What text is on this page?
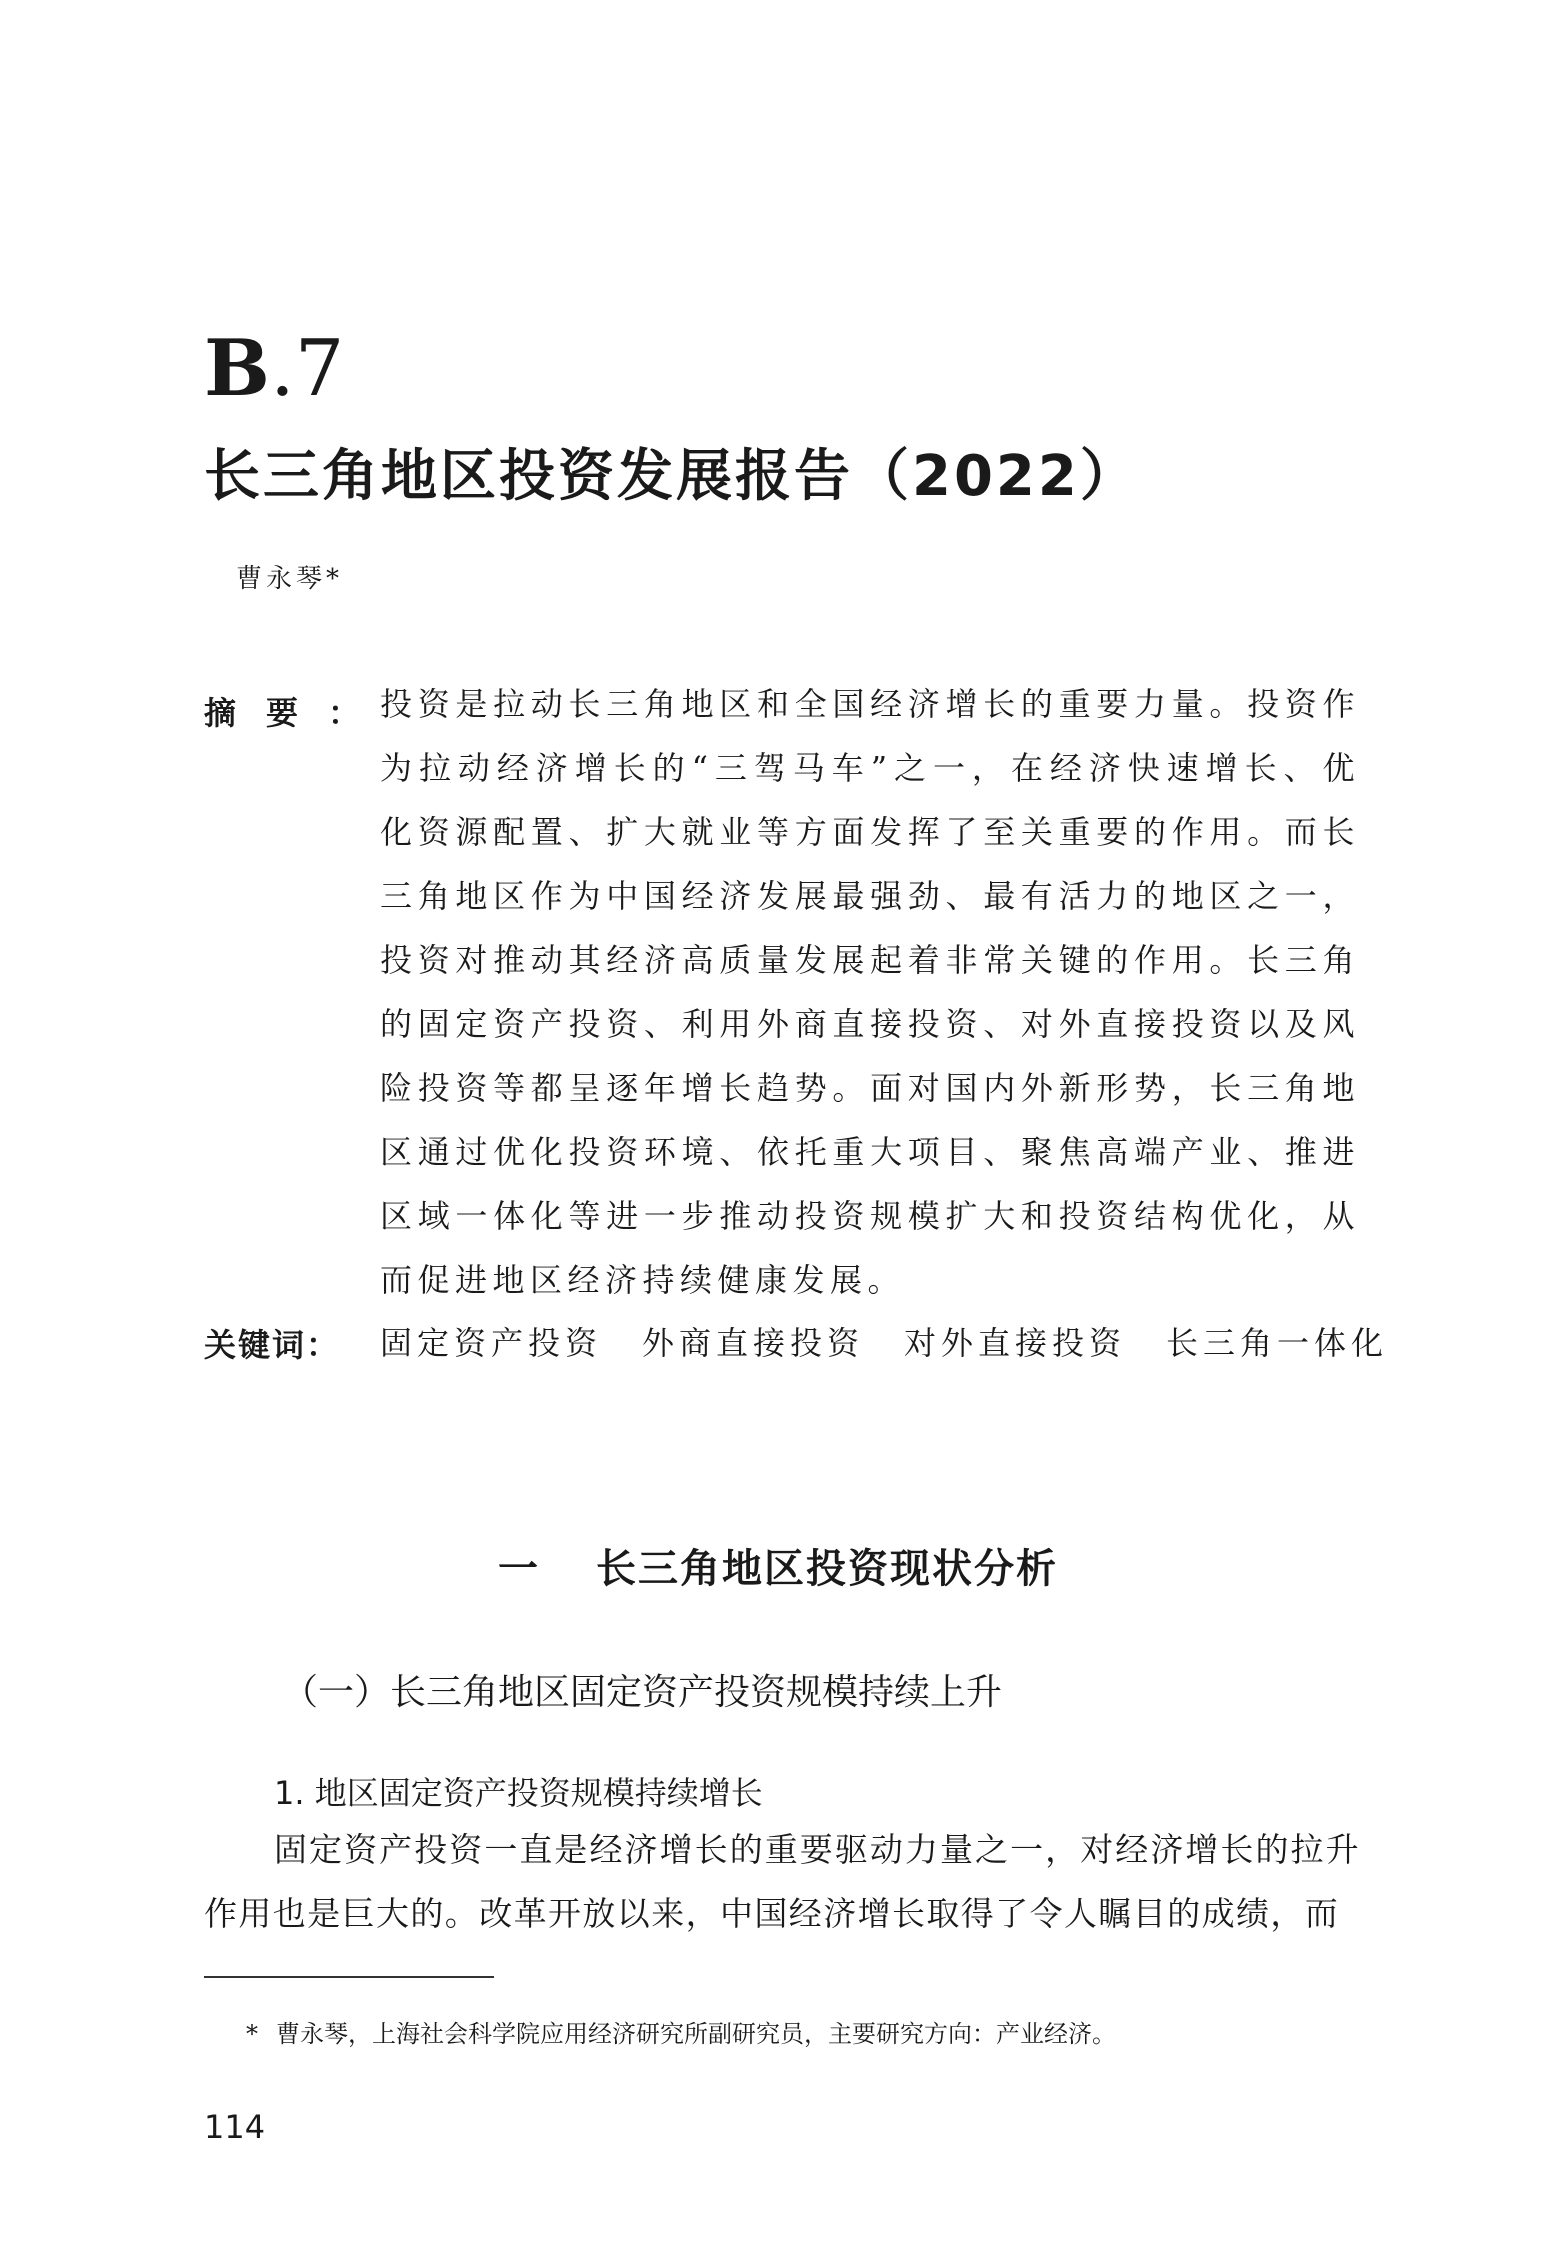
B.7
长三角地区投资发展报告（2022）
曹永琴*
摘要：

投资是拉动长三角地区和全国经济增长的重要力量。投资作为拉动经济增长的“三驾马车”之一，在经济快速增长、优化资源配置、扩大就业等方面发挥了至关重要的作用。而长三角地区作为中国经济发展最强劲、最有活力的地区之一，投资对推动其经济高质量发展起着非常关键的作用。长三角的固定资产投资、利用外商直接投资、对外直接投资以及风险投资等都呈逐年增长趋势。面对国内外新形势，长三角地区通过优化投资环境、依托重大项目、聚焦高端产业、推进区域一体化等进一步推动投资规模扩大和投资结构优化，从而促进地区经济持续健康发展。

关键词： 固定资产投资 外商直接投资 对外直接投资 长三角一体化
一 长三角地区投资现状分析
（一）长三角地区固定资产投资规模持续上升
1. 地区固定资产投资规模持续增长

固定资产投资一直是经济增长的重要驱动力量之一，对经济增长的拉升作用也是巨大的。改革开放以来，中国经济增长取得了令人瞩目的成绩，而

* 曹永琴，上海社会科学院应用经济研究所副研究员，主要研究方向：产业经济。
114
